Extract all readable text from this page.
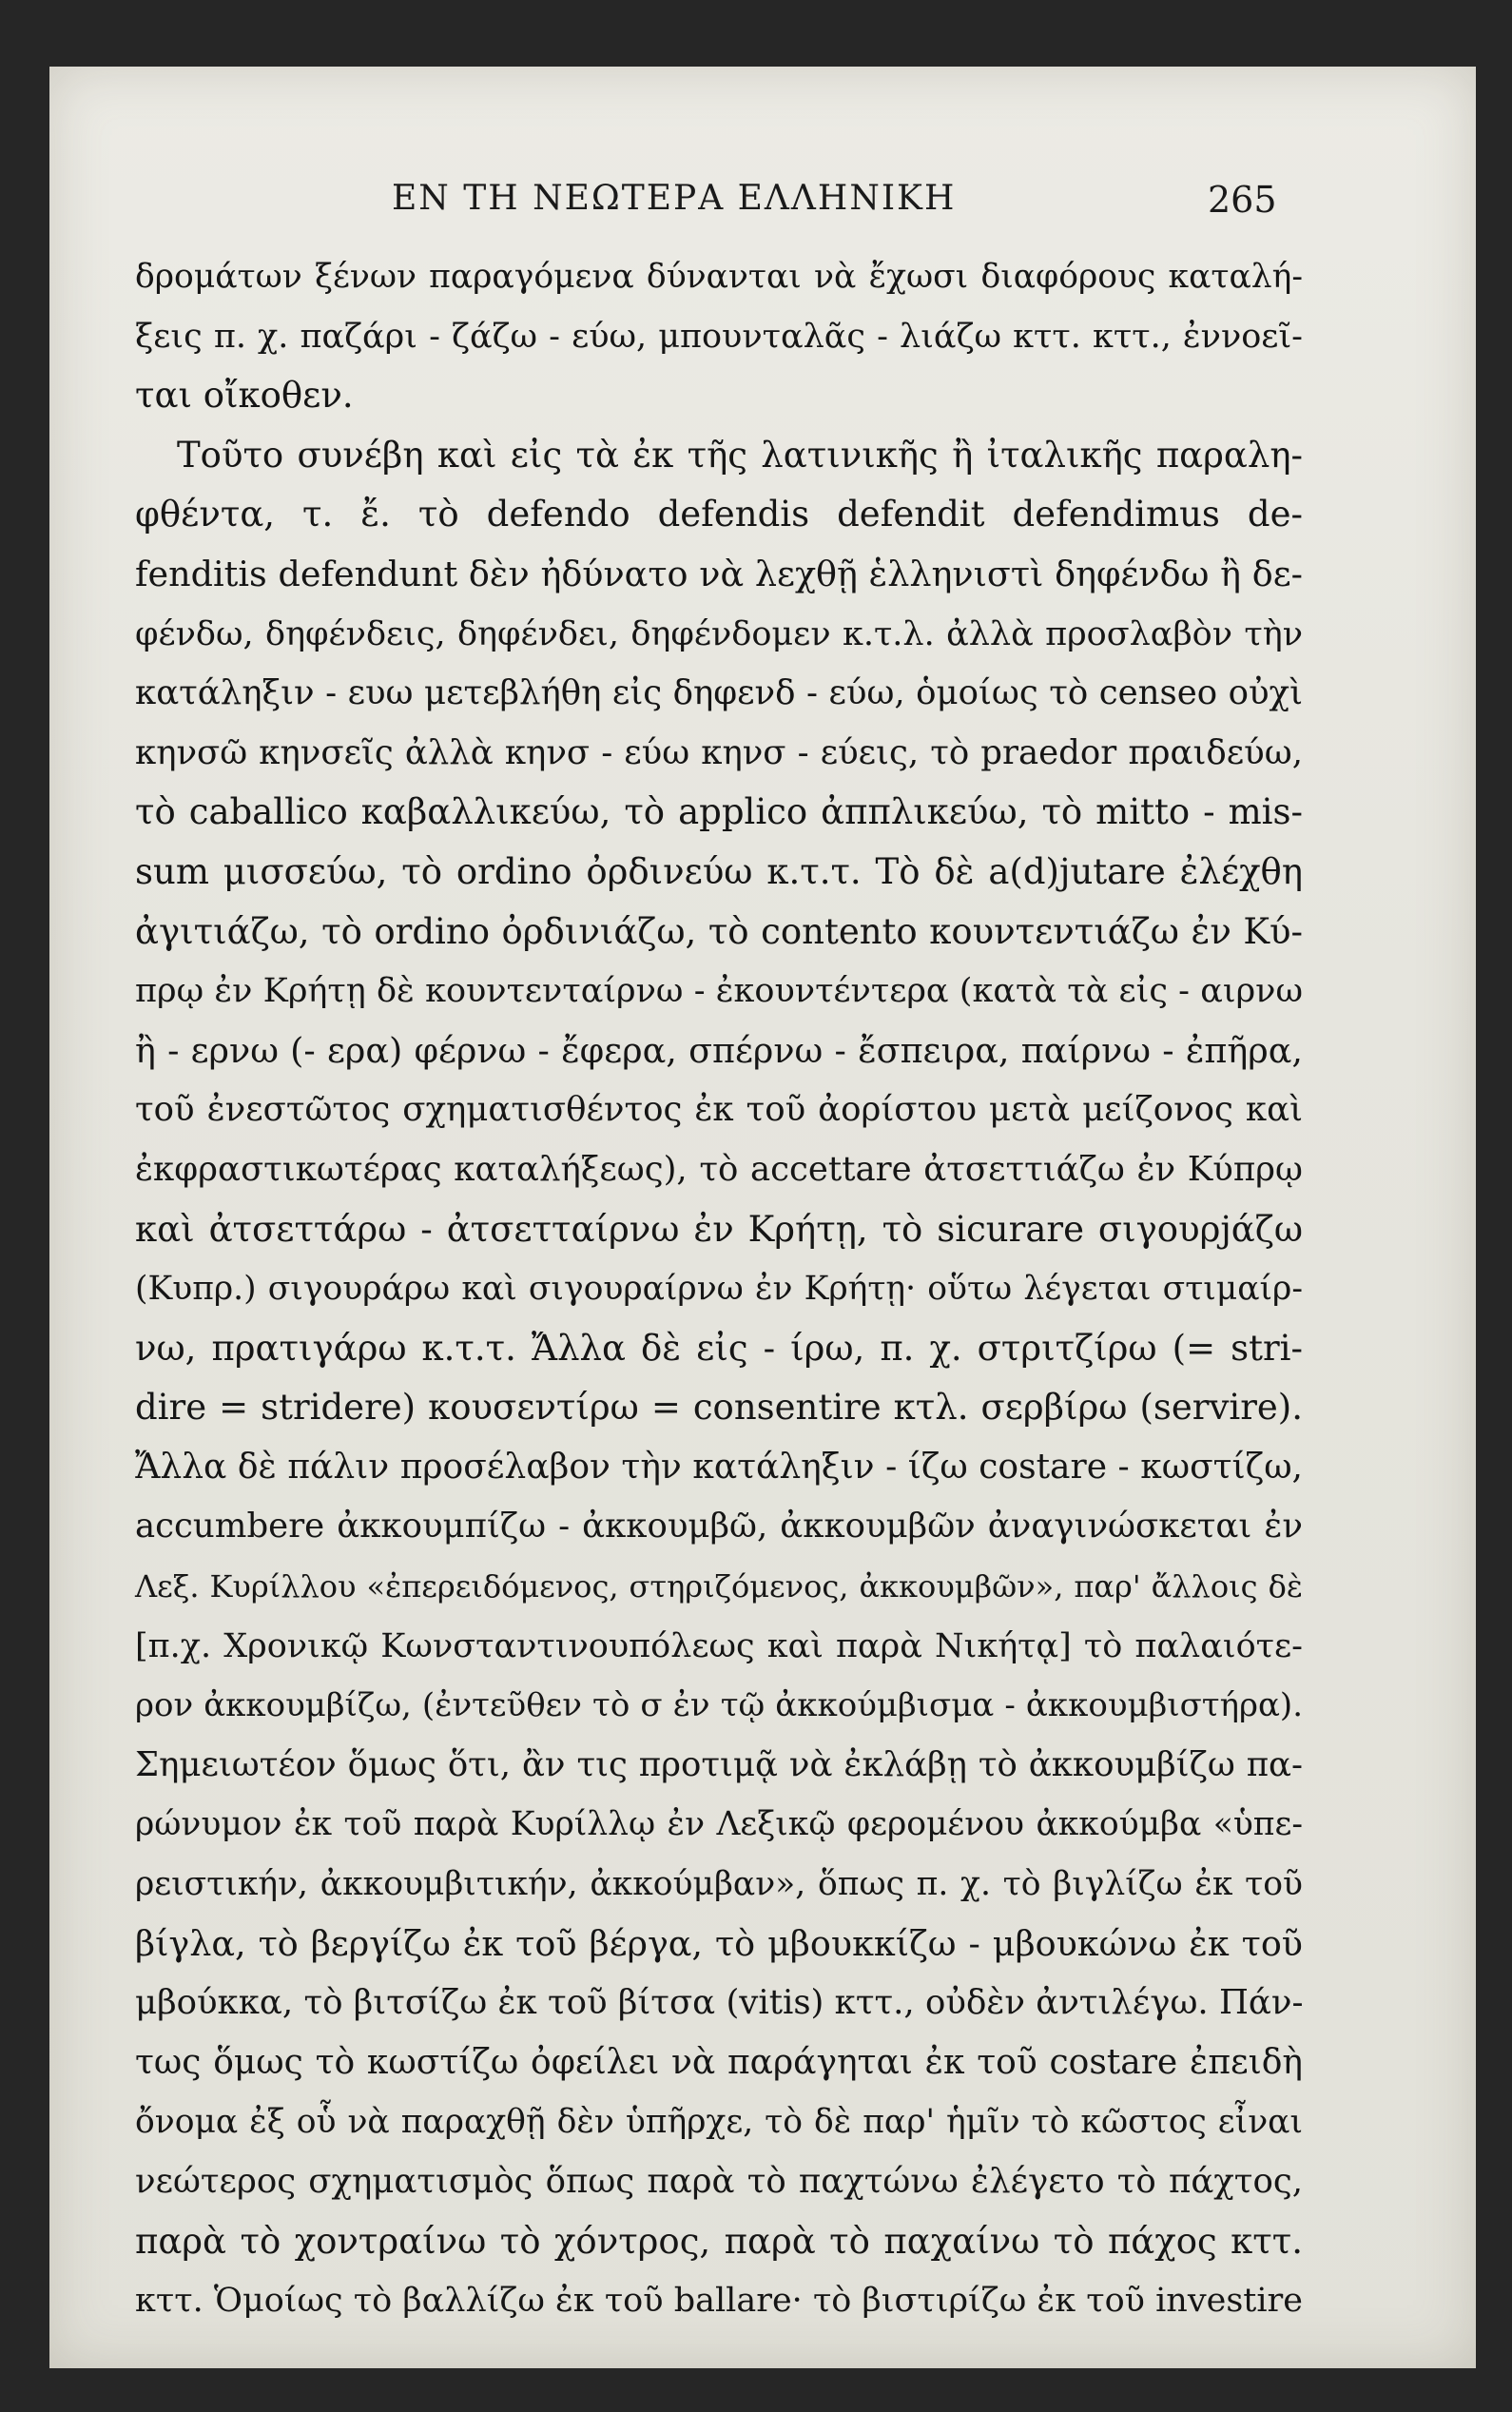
ΕΝ ΤΗ ΝΕΩΤΕΡΑ ΕΛΛΗΝΙΚΗ	265
δρομάτων ξένων παραγόμενα δύνανται νὰ ἔχωσι διαφόρους καταλή-
ξεις π. χ. παζάρι - ζάζω - εύω, μπουνταλᾶς - λιάζω κττ. κττ., ἐννοεῖ-
ται οἴκοθεν.
Τοῦτο συνέβη καὶ εἰς τὰ ἐκ τῆς λατινικῆς ἢ ἰταλικῆς παραλη-
φθέντα, τ. ἔ. τὸ defendo defendis defendit defendimus de-
fenditis defendunt δὲν ἠδύνατο νὰ λεχθῇ ἑλληνιστὶ δηφένδω ἢ δε-
φένδω, δηφένδεις, δηφένδει, δηφένδομεν κ.τ.λ. ἀλλὰ προσλαβὸν τὴν
κατάληξιν - ευω μετεβλήθη εἰς δηφενδ - εύω, ὁμοίως τὸ censeo οὐχὶ
κηνσῶ κηνσεῖς ἀλλὰ κηνσ - εύω κηνσ - εύεις, τὸ praedor πραιδεύω,
τὸ caballico καβαλλικεύω, τὸ applico ἀππλικεύω, τὸ mitto - mis-
sum μισσεύω, τὸ ordino ὀρδινεύω κ.τ.τ. Τὸ δὲ a(d)jutare ἐλέχθη
ἀγιτιάζω, τὸ ordino ὀρδινιάζω, τὸ contento κουντεντιάζω ἐν Κύ-
πρῳ ἐν Κρήτῃ δὲ κουντενταίρνω - ἐκουντέντερα (κατὰ τὰ εἰς - αιρνω
ἢ - ερνω (- ερα) φέρνω - ἔφερα, σπέρνω - ἔσπειρα, παίρνω - ἐπῆρα,
τοῦ ἐνεστῶτος σχηματισθέντος ἐκ τοῦ ἀορίστου μετὰ μείζονος καὶ
ἐκφραστικωτέρας καταλήξεως), τὸ accettare ἀτσεττιάζω ἐν Κύπρῳ
καὶ ἀτσεττάρω - ἀτσετταίρνω ἐν Κρήτῃ, τὸ sicurare σιγουρjάζω
(Κυπρ.) σιγουράρω καὶ σιγουραίρνω ἐν Κρήτῃ· οὕτω λέγεται στιμαίρ-
νω, πρατιγάρω κ.τ.τ. Ἄλλα δὲ εἰς - ίρω, π. χ. στριτζίρω (= stri-
dire = stridere) κουσεντίρω = consentire κτλ. σερβίρω (servire).
Ἄλλα δὲ πάλιν προσέλαβον τὴν κατάληξιν - ίζω costare - κωστίζω,
accumbere ἀκκουμπίζω - ἀκκουμβῶ, ἀκκουμβῶν ἀναγινώσκεται ἐν
Λεξ. Κυρίλλου «ἐπερειδόμενος, στηριζόμενος, ἀκκουμβῶν», παρ' ἄλλοις δὲ
[π.χ. Χρονικῷ Κωνσταντινουπόλεως καὶ παρὰ Νικήτᾳ] τὸ παλαιότε-
ρον ἀκκουμβίζω, (ἐντεῦθεν τὸ σ ἐν τῷ ἀκκούμβισμα - ἀκκουμβιστήρα).
Σημειωτέον ὅμως ὅτι, ἂν τις προτιμᾷ νὰ ἐκλάβῃ τὸ ἀκκουμβίζω πα-
ρώνυμον ἐκ τοῦ παρὰ Κυρίλλῳ ἐν Λεξικῷ φερομένου ἀκκούμβα «ὑπε-
ρειστικήν, ἀκκουμβιτικήν, ἀκκούμβαν», ὅπως π. χ. τὸ βιγλίζω ἐκ τοῦ
βίγλα, τὸ βεργίζω ἐκ τοῦ βέργα, τὸ μβουκκίζω - μβουκώνω ἐκ τοῦ
μβούκκα, τὸ βιτσίζω ἐκ τοῦ βίτσα (vitis) κττ., οὐδὲν ἀντιλέγω. Πάν-
τως ὅμως τὸ κωστίζω ὀφείλει νὰ παράγηται ἐκ τοῦ costare ἐπειδὴ
ὄνομα ἐξ οὗ νὰ παραχθῇ δὲν ὑπῆρχε, τὸ δὲ παρ' ἡμῖν τὸ κῶστος εἶναι
νεώτερος σχηματισμὸς ὅπως παρὰ τὸ παχτώνω ἐλέγετο τὸ πάχτος,
παρὰ τὸ χοντραίνω τὸ χόντρος, παρὰ τὸ παχαίνω τὸ πάχος κττ.
κττ. Ὁμοίως τὸ βαλλίζω ἐκ τοῦ ballare· τὸ βιστιρίζω ἐκ τοῦ investire
